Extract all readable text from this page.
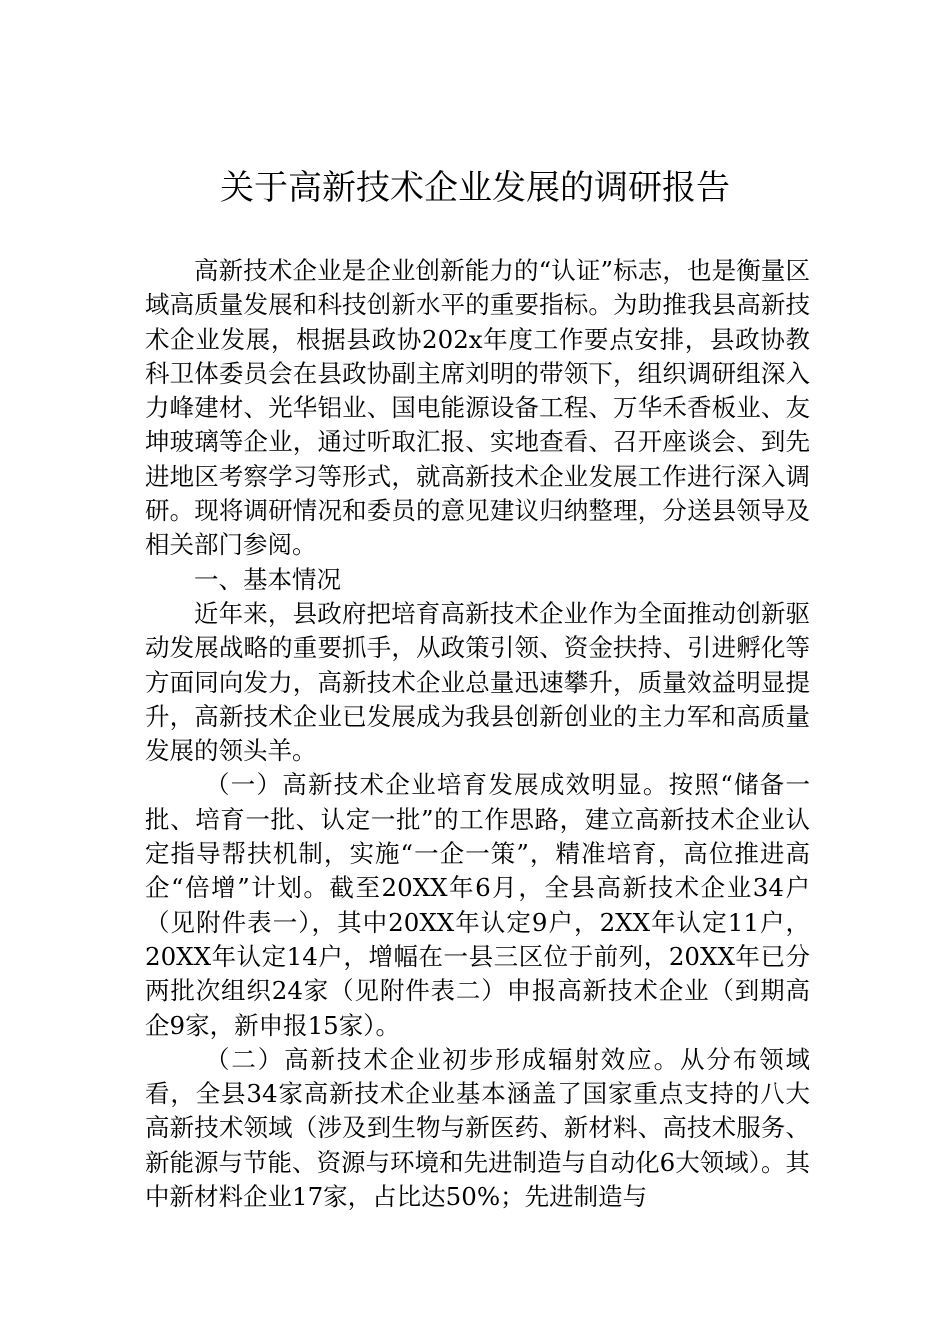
关于高新技术企业发展的调研报告

高新技术企业是企业创新能力的“认证”标志，也是衡量区域高质量发展和科技创新水平的重要指标。为助推我县高新技术企业发展，根据县政协202x年度工作要点安排，县政协教科卫体委员会在县政协副主席刘明的带领下，组织调研组深入力峰建材、光华铝业、国电能源设备工程、万华禾香板业、友坤玻璃等企业，通过听取汇报、实地查看、召开座谈会、到先进地区考察学习等形式，就高新技术企业发展工作进行深入调研。现将调研情况和委员的意见建议归纳整理，分送县领导及相关部门参阅。

一、基本情况

近年来，县政府把培育高新技术企业作为全面推动创新驱动发展战略的重要抓手，从政策引领、资金扶持、引进孵化等方面同向发力，高新技术企业总量迅速攀升，质量效益明显提升，高新技术企业已发展成为我县创新创业的主力军和高质量发展的领头羊。

（一）高新技术企业培育发展成效明显。按照“储备一批、培育一批、认定一批”的工作思路，建立高新技术企业认定指导帮扶机制，实施“一企一策”，精准培育，高位推进高企“倍增”计划。截至20XX年6月，全县高新技术企业34户（见附件表一），其中20XX年认定9户，2XX年认定11户，20XX年认定14户，增幅在一县三区位于前列，20XX年已分两批次组织24家（见附件表二）申报高新技术企业（到期高企9家，新申报15家）。

（二）高新技术企业初步形成辐射效应。从分布领域看，全县34家高新技术企业基本涵盖了国家重点支持的八大高新技术领域（涉及到生物与新医药、新材料、高技术服务、新能源与节能、资源与环境和先进制造与自动化6大领域）。其中新材料企业17家，占比达50%；先进制造与
